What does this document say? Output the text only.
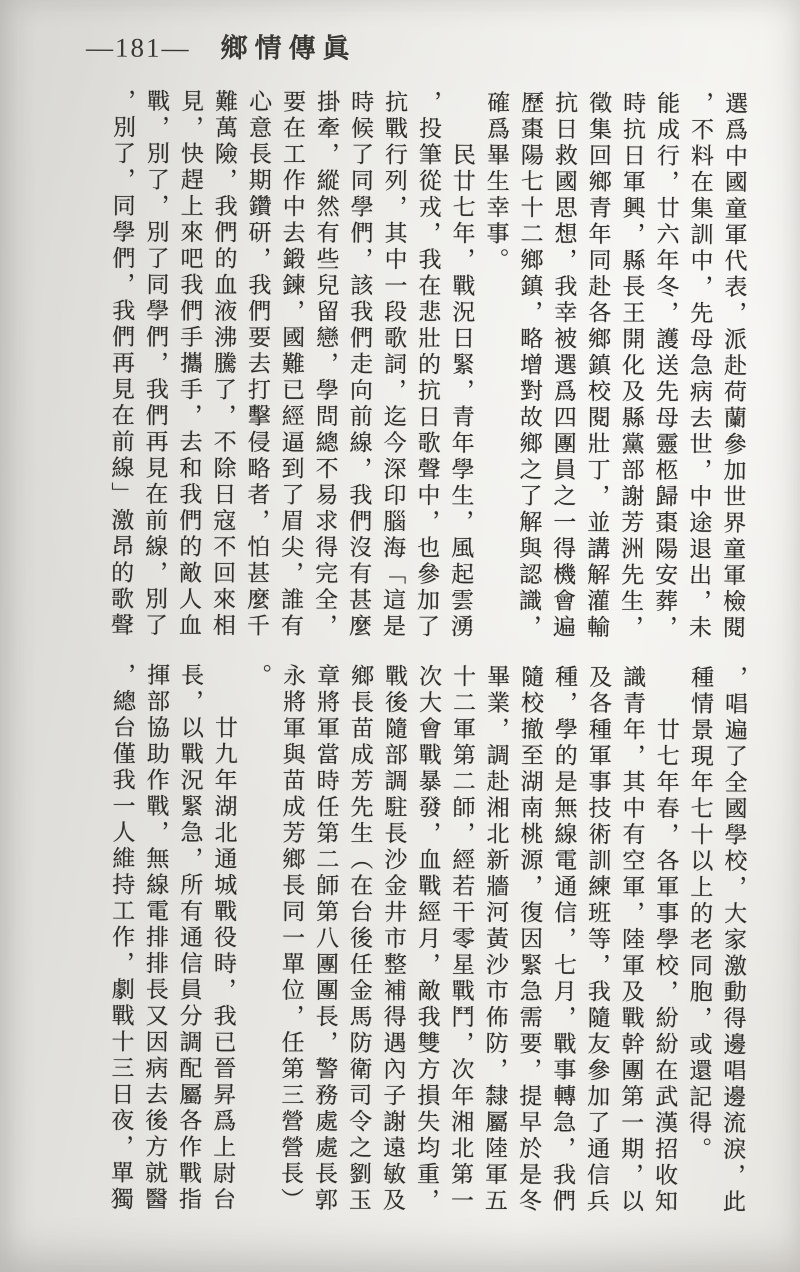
—181— 鄉情傳眞
選爲中國童軍代表，派赴荷蘭參加世界童軍檢閱
，不料在集訓中，先母急病去世，中途退出，未
能成行，廿六年冬，護送先母靈柩歸棗陽安葬，
時抗日軍興，縣長王開化及縣黨部謝芳洲先生，
徵集回鄉青年同赴各鄉鎮校閱壯丁，並講解灌輸
抗日救國思想，我幸被選爲四團員之一得機會遍
歷棗陽七十二鄉鎮，略增對故鄉之了解與認識，
確爲畢生幸事。
　　民廿七年，戰況日緊，青年學生，風起雲湧
，投筆從戎，我在悲壯的抗日歌聲中，也參加了
抗戰行列，其中一段歌詞，迄今深印腦海「這是
時候了同學們，該我們走向前線，我們沒有甚麼
掛牽，縱然有些兒留戀，學問總不易求得完全，
要在工作中去鍛鍊，國難已經逼到了眉尖，誰有
心意長期鑽研，我們要去打擊侵略者，怕甚麼千
難萬險，我們的血液沸騰了，不除日寇不回來相
見，快趕上來吧我們手攜手，去和我們的敵人血
戰，別了，別了同學們，我們再見在前線，別了
，別了，同學們，我們再見在前線」激昂的歌聲
，唱遍了全國學校，大家激動得邊唱邊流淚，此
種情景現年七十以上的老同胞，或還記得。
　　廿七年春，各軍事學校，紛紛在武漢招收知
識青年，其中有空軍，陸軍及戰幹團第一期，以
及各種軍事技術訓練班等，我隨友參加了通信兵
種，學的是無線電通信，七月，戰事轉急，我們
隨校撤至湖南桃源，復因緊急需要，提早於是冬
畢業，調赴湘北新牆河黃沙市佈防，隸屬陸軍五
十二軍第二師，經若干零星戰鬥，次年湘北第一
次大會戰暴發，血戰經月，敵我雙方損失均重，
戰後隨部調駐長沙金井市整補得遇內子謝遠敏及
鄉長苗成芳先生（在台後任金馬防衛司令之劉玉
章將軍當時任第二師第八團團長，警務處處長郭
永將軍與苗成芳鄉長同一單位，任第三營營長）
。
　　廿九年湖北通城戰役時，我已晉昇爲上尉台
長，以戰況緊急，所有通信員分調配屬各作戰指
揮部協助作戰，無線電排排長又因病去後方就醫
，總台僅我一人維持工作，劇戰十三日夜，單獨
